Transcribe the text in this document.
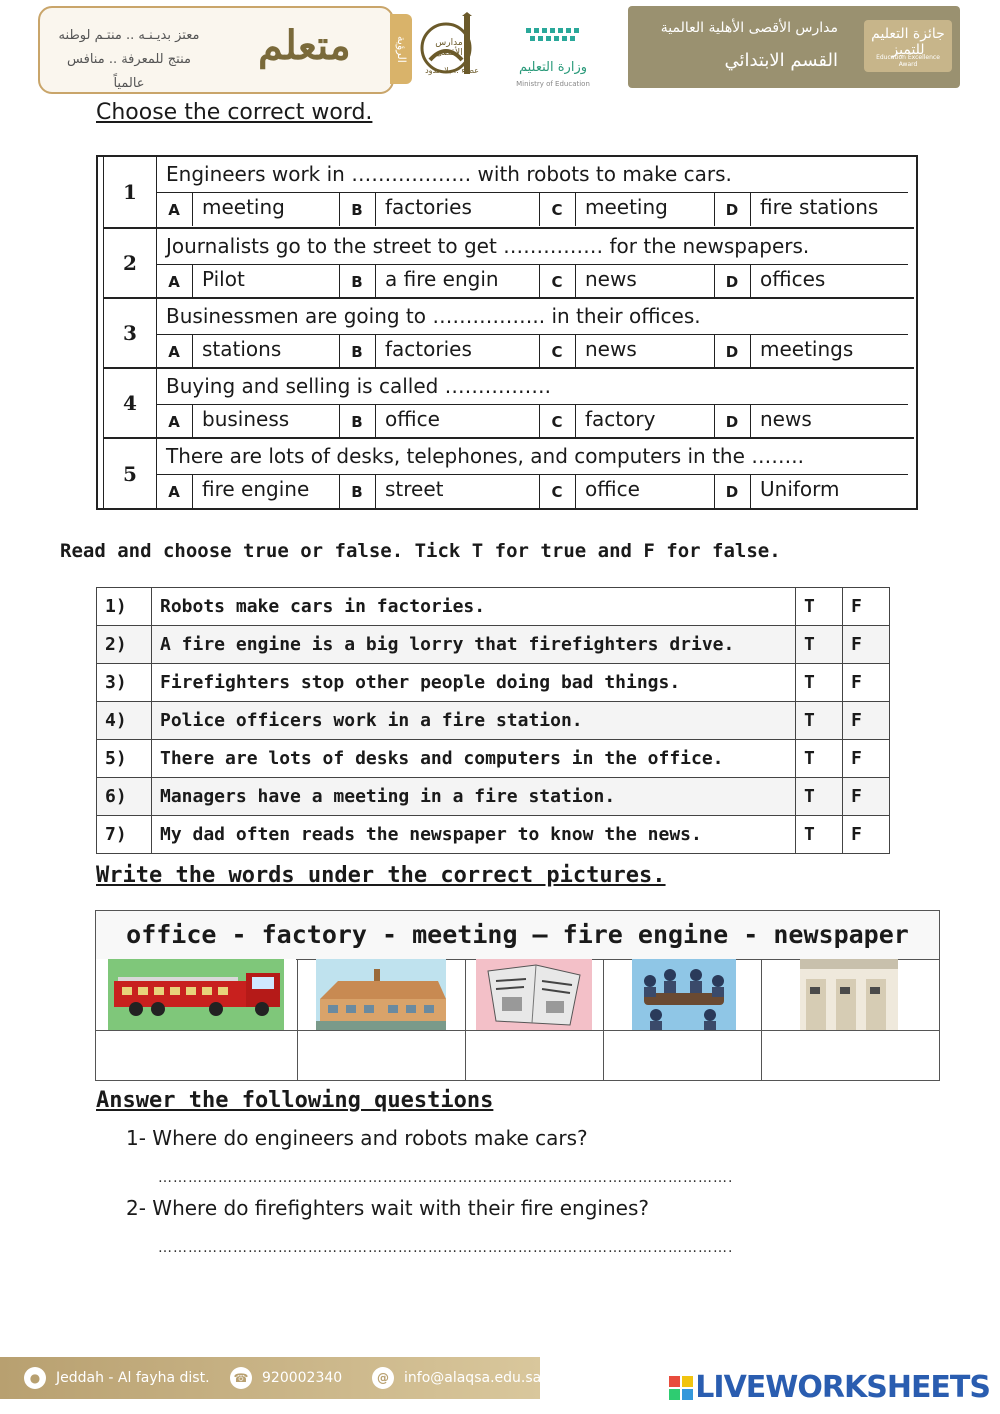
معتز بديـنـه .. منتـم لوطنه
منتج للمعرفة .. منافس عالمياً
متعلم	الرؤية
عطاء .. بلا حدود
مدارس الأقصى
وزارة التعليم
Ministry of Education
مدارس الأقصى الأهلية العالمية
القسم الابتدائي
جائزة التعليم للتميز
Education Excellence Award
Choose the correct word.
1
Engineers work in ……………… with robots to make cars.
A	meeting	B	factories	C	meeting	D	fire stations
2
Journalists go to the street to get …………… for the newspapers.
A	Pilot	B	a fire engin	C	news	D	offices
3
Businessmen are going to …………….. in their offices.
A	stations	B	factories	C	news	D	meetings
4
Buying and selling is called …………….
A	business	B	office	C	factory	D	news
5
There are lots of desks, telephones, and computers in the ……..
A	fire engine	B	street	C	office	D	Uniform
Read and choose true or false. Tick T for true and F for false.
1)	Robots make cars in factories.	T	F
2)	A fire engine is a big lorry that firefighters drive.	T	F
3)	Firefighters stop other people doing bad things.	T	F
4)	Police officers work in a fire station.	T	F
5)	There are lots of desks and computers in the office.	T	F
6)	Managers have a meeting in a fire station.	T	F
7)	My dad often reads the newspaper to know the news.	T	F
Write the words under the correct pictures.
office - factory - meeting – fire engine - newspaper
Answer the following questions
1- Where do engineers and robots make cars?
…………………………………………………………………………………………………….
2- Where do firefighters wait with their fire engines?
…………………………………………………………………………………………………….
●	Jeddah - Al fayha dist. ☎ 920002340	@	info@alaqsa.edu.sa	LIVEWORKSHEETS
